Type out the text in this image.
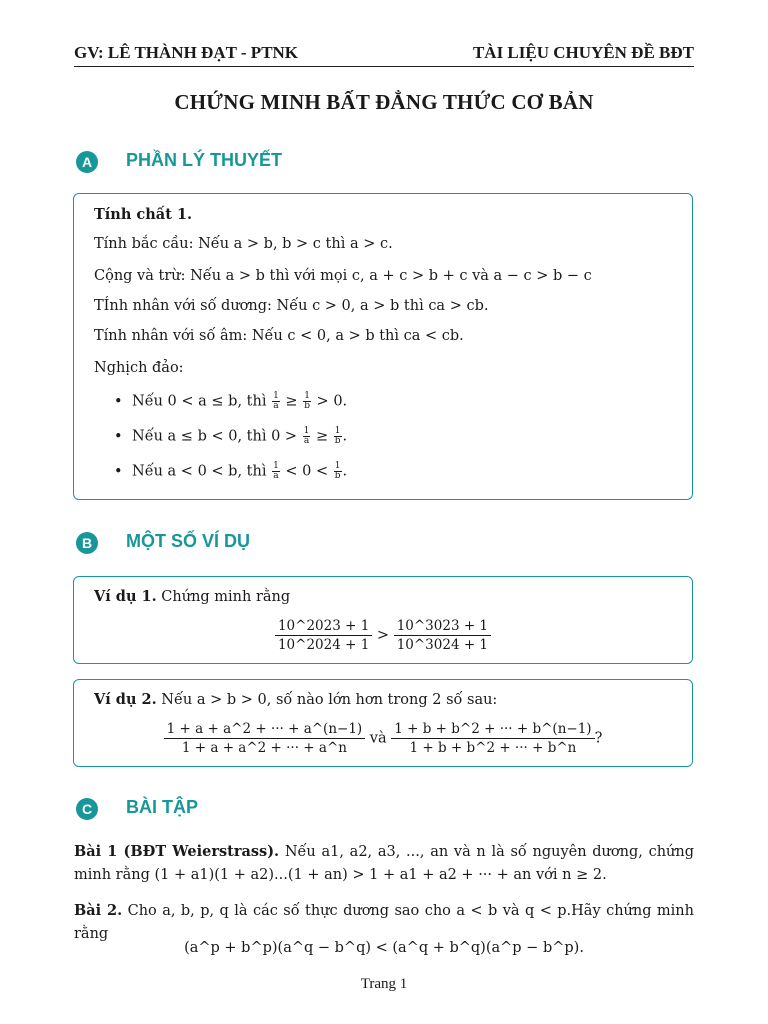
GV: LÊ THÀNH ĐẠT - PTNK	TÀI LIỆU CHUYÊN ĐỀ BĐT
CHỨNG MINH BẤT ĐẲNG THỨC CƠ BẢN
A	PHẦN LÝ THUYẾT
Tính chất 1.
Tính bắc cầu: Nếu a > b, b > c thì a > c.
Cộng và trừ: Nếu a > b thì với mọi c, a + c > b + c và a − c > b − c
TÍnh nhân với số dương: Nếu c > 0, a > b thì ca > cb.
Tính nhân với số âm: Nếu c < 0, a > b thì ca < cb.
Nghịch đảo:
• Nếu 0 < a ≤ b, thì $\frac{1}{a} \ge \frac{1}{b} > 0$.
• Nếu a ≤ b < 0, thì $0 > \frac{1}{a} \ge \frac{1}{b}$ .
• Nếu a < 0 < b, thì $\frac{1}{a} < 0 < \frac{1}{b}$ .
B	MỘT SỐ VÍ DỤ
Ví dụ 1. Chứng minh rằng
$\frac{10\^{}2023 + 1}{10\^{}2024 + 1} > \frac{10\^{}3023 + 1}{10\^{}3024 + 1}$
Ví dụ 2. Nếu a > b > 0, số nào lớn hơn trong 2 số sau:
$\frac{1 + a + a\^{}2 + \cdot\cdot\cdot + a\^{}(n-1)}{1 + a + a\^{}2 + \cdot\cdot\cdot + a\^{}n}$ và $\frac{1 + b + b\^{}2 + \cdot\cdot\cdot + b\^{}(n-1)}{1 + b + b\^{}2 + \cdot\cdot\cdot + b\^{}n}$ ?
C	BÀI TẬP
Bài 1 (BĐT Weierstrass). Nếu a1, a2, a3, ..., an và n là số nguyên dương, chứng minh rằng (1 + a1)(1 + a2)...(1 + an) > 1 + a1 + a2 + ··· + an với n ≥ 2.
Bài 2. Cho a, b, p, q là các số thực dương sao cho a < b và q < p.Hãy chứng minh rằng
(a^p + b^p)(a^q − b^q) < (a^q + b^q)(a^p − b^p).
Trang 1
